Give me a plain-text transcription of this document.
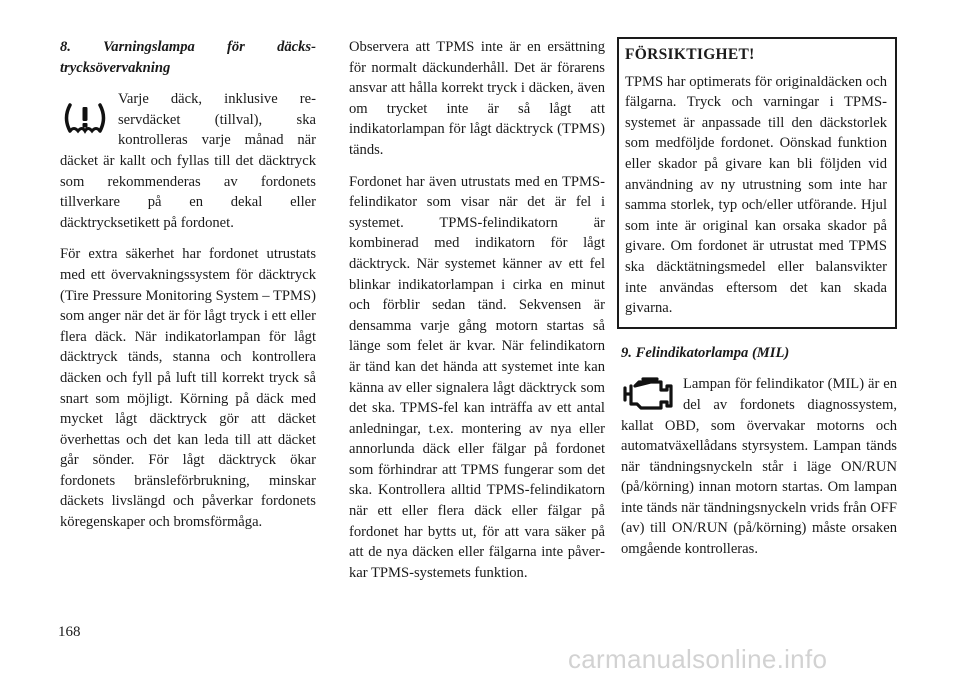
8. Varningslampa för däckstrycksövervakning

Varje däck, inklusive reservdäcket (tillval), ska kontrolleras varje månad när däcket är kallt och fyllas till det däcktryck som rekommenderas av fordonets tillverkare på en dekal eller däcktrycksetikett på fordonet.

För extra säkerhet har fordonet utrustats med ett övervakningssystem för däcktryck (Tire Pressure Monitoring System – TPMS) som anger när det är för lågt tryck i ett eller flera däck. När indikatorlampan för lågt däcktryck tänds, stanna och kontrollera däcken och fyll på luft till korrekt tryck så snart som möjligt. Körning på däck med mycket lågt däcktryck gör att däcket överhettas och det kan leda till att däcket går sönder. För lågt däcktryck ökar fordonets bränsleförbrukning, minskar däckets livslängd och påverkar fordonets köregenskaper och bromsförmåga.

Observera att TPMS inte är en ersättning för normalt däckunderhåll. Det är förarens ansvar att hålla korrekt tryck i däcken, även om trycket inte är så lågt att indikatorlampan för lågt däcktryck (TPMS) tänds.

Fordonet har även utrustats med en TPMS-felindikator som visar när det är fel i systemet. TPMS-felindikatorn är kombinerad med indikatorn för lågt däcktryck. När systemet känner av ett fel blinkar indikatorlampan i cirka en minut och förblir sedan tänd. Sekvensen är densamma varje gång motorn startas så länge som felet är kvar. När felindikatorn är tänd kan det hända att systemet inte kan känna av eller signalera lågt däcktryck som det ska. TPMS-fel kan inträffa av ett antal anledningar, t.ex. montering av nya eller annorlunda däck eller fälgar på fordonet som förhindrar att TPMS fungerar som det ska. Kontrollera alltid TPMS-felindikatorn när ett eller flera däck eller fälgar på fordonet har bytts ut, för att vara säker på att de nya däcken eller fälgarna inte påverkar TPMS-systemets funktion.

FÖRSIKTIGHET!

TPMS har optimerats för originaldäcken och fälgarna. Tryck och varningar i TPMS-systemet är anpassade till den däckstorlek som medföljde fordonet. Oönskad funktion eller skador på givare kan bli följden vid användning av ny utrustning som inte har samma storlek, typ och/eller utförande. Hjul som inte är original kan orsaka skador på givare. Om fordonet är utrustat med TPMS ska däcktätningsmedel eller balansvikter inte användas eftersom det kan skada givarna.

9. Felindikatorlampa (MIL)

Lampan för felindikator (MIL) är en del av fordonets diagnossystem, kallat OBD, som övervakar motorns och automatväxellådans styrsystem. Lampan tänds när tändningsnyckeln står i läge ON/RUN (på/körning) innan motorn startas. Om lampan inte tänds när tändningsnyckeln vrids från OFF (av) till ON/RUN (på/körning) måste orsaken omgående kontrolleras.

168
carmanualsonline.info
